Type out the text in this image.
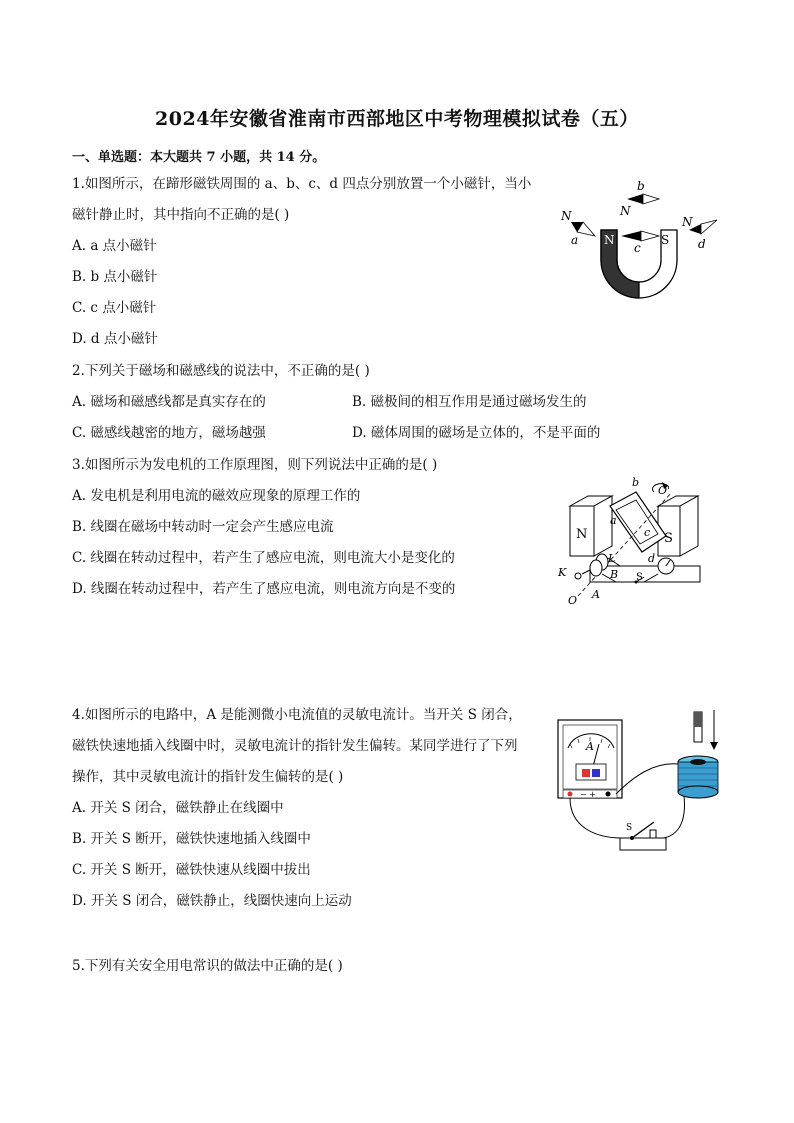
2024年安徽省淮南市西部地区中考物理模拟试卷（五）
一、单选题：本大题共 7 小题，共 14 分。
1.如图所示，在蹄形磁铁周围的 a、b、c、d 四点分别放置一个小磁针，当小
磁针静止时，其中指向不正确的是( )
A. a 点小磁针
B. b 点小磁针
C. c 点小磁针
D. d 点小磁针
N	S
b
N
c
N
a
N
d
2.下列关于磁场和磁感线的说法中，不正确的是( )
A. 磁场和磁感线都是真实存在的	B. 磁极间的相互作用是通过磁场发生的
C. 磁感线越密的地方，磁场越强	D. 磁体周围的磁场是立体的，不是平面的
3.如图所示为发电机的工作原理图，则下列说法中正确的是( )
A. 发电机是利用电流的磁效应现象的原理工作的
B. 线圈在磁场中转动时一定会产生感应电流
C. 线圈在转动过程中，若产生了感应电流，则电流大小是变化的
D. 线圈在转动过程中，若产生了感应电流，则电流方向是不变的
N	S
b
O'
a
c
d
L
B
K
O A
S
4.如图所示的电路中，A 是能测微小电流值的灵敏电流计。当开关 S 闭合，
磁铁快速地插入线圈中时，灵敏电流计的指针发生偏转。某同学进行了下列
操作，其中灵敏电流计的指针发生偏转的是( )
A. 开关 S 闭合，磁铁静止在线圈中
B. 开关 S 断开，磁铁快速地插入线圈中
C. 开关 S 断开，磁铁快速从线圈中拔出
D. 开关 S 闭合，磁铁静止，线圈快速向上运动
A
− +
S
5.下列有关安全用电常识的做法中正确的是( )
